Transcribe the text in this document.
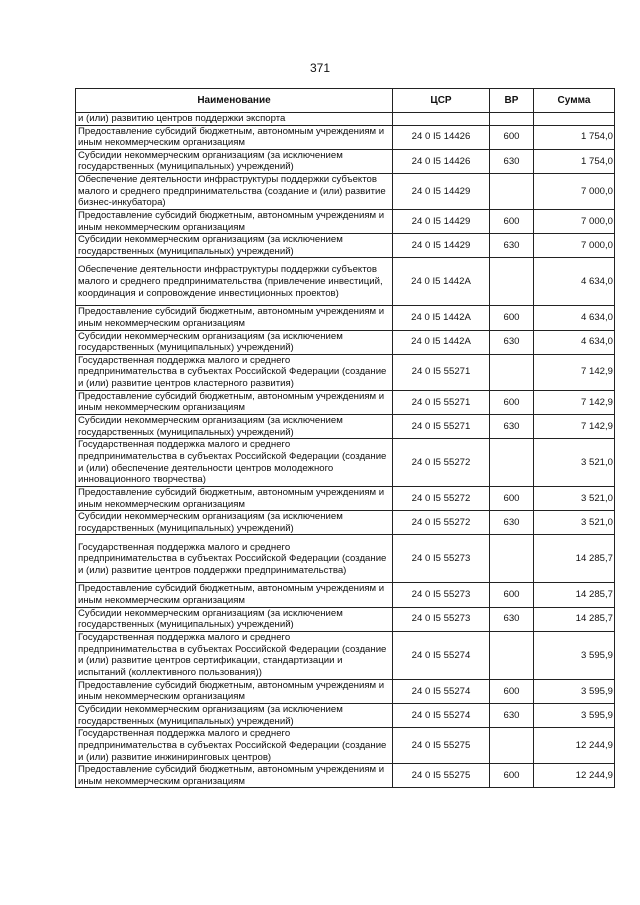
371
Наименование	ЦСР	ВР	Сумма
и (или) развитию центров поддержки экспорта			
Предоставление субсидий бюджетным, автономным учреждениям и иным некоммерческим организациям	24 0 I5 14426	600	1 754,0
Субсидии некоммерческим организациям (за исключением государственных (муниципальных) учреждений)	24 0 I5 14426	630	1 754,0
Обеспечение деятельности инфраструктуры поддержки субъектов малого и среднего предпринимательства (создание и (или) развитие бизнес-инкубатора)	24 0 I5 14429		7 000,0
Предоставление субсидий бюджетным, автономным учреждениям и иным некоммерческим организациям	24 0 I5 14429	600	7 000,0
Субсидии некоммерческим организациям (за исключением государственных (муниципальных) учреждений)	24 0 I5 14429	630	7 000,0
Обеспечение деятельности инфраструктуры поддержки субъектов малого и среднего предпринимательства (привлечение инвестиций, координация и сопровождение инвестиционных проектов)	24 0 I5 1442A		4 634,0
Предоставление субсидий бюджетным, автономным учреждениям и иным некоммерческим организациям	24 0 I5 1442A	600	4 634,0
Субсидии некоммерческим организациям (за исключением государственных (муниципальных) учреждений)	24 0 I5 1442A	630	4 634,0
Государственная поддержка малого и среднего предпринимательства в субъектах Российской Федерации (создание и (или) развитие центров кластерного развития)	24 0 I5 55271		7 142,9
Предоставление субсидий бюджетным, автономным учреждениям и иным некоммерческим организациям	24 0 I5 55271	600	7 142,9
Субсидии некоммерческим организациям (за исключением государственных (муниципальных) учреждений)	24 0 I5 55271	630	7 142,9
Государственная поддержка малого и среднего предпринимательства в субъектах Российской Федерации (создание и (или) обеспечение деятельности центров молодежного инновационного творчества)	24 0 I5 55272		3 521,0
Предоставление субсидий бюджетным, автономным учреждениям и иным некоммерческим организациям	24 0 I5 55272	600	3 521,0
Субсидии некоммерческим организациям (за исключением государственных (муниципальных) учреждений)	24 0 I5 55272	630	3 521,0
Государственная поддержка малого и среднего предпринимательства в субъектах Российской Федерации (создание и (или) развитие центров поддержки предпринимательства)	24 0 I5 55273		14 285,7
Предоставление субсидий бюджетным, автономным учреждениям и иным некоммерческим организациям	24 0 I5 55273	600	14 285,7
Субсидии некоммерческим организациям (за исключением государственных (муниципальных) учреждений)	24 0 I5 55273	630	14 285,7
Государственная поддержка малого и среднего предпринимательства в субъектах Российской Федерации (создание и (или) развитие центров сертификации, стандартизации и испытаний (коллективного пользования))	24 0 I5 55274		3 595,9
Предоставление субсидий бюджетным, автономным учреждениям и иным некоммерческим организациям	24 0 I5 55274	600	3 595,9
Субсидии некоммерческим организациям (за исключением государственных (муниципальных) учреждений)	24 0 I5 55274	630	3 595,9
Государственная поддержка малого и среднего предпринимательства в субъектах Российской Федерации (создание и (или) развитие инжиниринговых центров)	24 0 I5 55275		12 244,9
Предоставление субсидий бюджетным, автономным учреждениям и иным некоммерческим организациям	24 0 I5 55275	600	12 244,9
